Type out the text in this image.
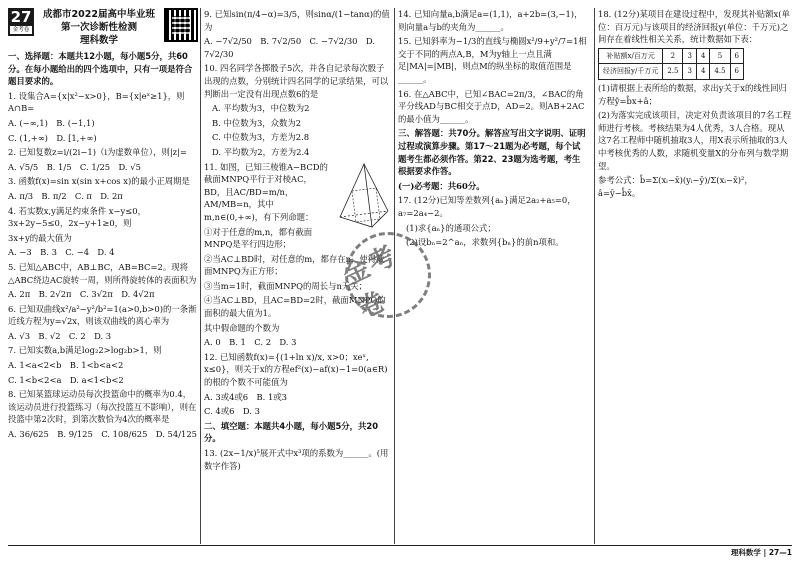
27
金考卷
成都市2022届高中毕业班
第一次诊断性检测
理科数学
一、选择题：本题共12小题，每小题5分，共60分。在每小题给出的四个选项中，只有一项是符合题目要求的。
1. 设集合A={x|x²−x>0}，B={x|eˣ≥1}，则A∩B=
A. (−∞,1)　B. (−1,1)
C. (1,+∞)　D. [1,+∞)
2. 已知复数z=i/(2i−1)（i为虚数单位），则|z|=
A. √5/5　B. 1/5　C. 1/25　D. √5
3. 函数f(x)=sin x(sin x+cos x)的最小正周期是
A. π/3　B. π/2　C. π　D. 2π
4. 若实数x,y满足约束条件 x−y≤0，3x+2y−5≤0，2x−y+1≥0，则
3x+y的最大值为
A. −3　B. 3　C. −4　D. 4
5. 已知△ABC中，AB⊥BC，AB=BC=2。现将△ABC绕边AC旋转一周，则所得旋转体的表面积为
A. 2π　B. 2√2π　C. 3√2π　D. 4√2π
6. 已知双曲线x²/a²−y²/b²=1(a>0,b>0)的一条渐近线方程为y=√2x，则该双曲线的离心率为
A. √3　B. √2　C. 2　D. 3
7. 已知实数a,b满足log₂2>log₂b>1，则
A. 1<a<2<b　B. 1<b<a<2
C. 1<b<2<a　D. a<1<b<2
8. 已知某篮球运动员每次投篮命中的概率为0.4，该运动员进行投篮练习（每次投篮互不影响），则在投篮中第2次时，到第次数恰为4次的概率是
A. 36/625　B. 9/125　C. 108/625　D. 54/125
9. 已知sin(π/4−α)=3/5，则sinα/(1−tanα)的值为
A. −7√2/50　B. 7√2/50　C. −7√2/30　D. 7√2/30
10. 四名同学各掷骰子5次，并各自记录每次骰子出现的点数，分别统计四名同学的记录结果，可以判断出一定没有出现点数6的是
A. 平均数为3，中位数为2
B. 中位数为3，众数为2
C. 中位数为3，方差为2.8
D. 平均数为2，方差为2.4
11. 如图，已知三棱锥A−BCD的截面MNPQ平行于对棱AC，BD，且AC/BD=m/n，AM/MB=n，其中m,n∈(0,+∞)，有下列命题：
①对于任意的m,n，都有截面MNPQ是平行四边形；
②当AC⊥BD时，对任意的m，都存在n，使得截面MNPQ为正方形；
③当m=1时，截面MNPQ的周长与n无关；
④当AC⊥BD，且AC=BD=2时，截面MNPQ的面积的最大值为1。
其中假命题的个数为
A. 0　B. 1　C. 2　D. 3
12. 已知函数f(x)={(1+ln x)/x, x>0；xeˣ, x≤0}，则关于x的方程ef²(x)−af(x)−1=0(a∈R)的根的个数不可能值为
A. 3或4或6　B. 1或3
C. 4或6　D. 3
二、填空题：本题共4小题，每小题5分，共20分。
13. (2x−1/x)⁵展开式中x³项的系数为______。(用数字作答)
14. 已知向量a,b满足a=(1,1)，a+2b=(3,−1)，则向量a与b的夹角为______。
15. 已知斜率为−1/3的直线与椭圆x²/9+y²/7=1相交于不同的两点A,B，M为y轴上一点且满足|MA|=|MB|，则点M的纵坐标的取值范围是______。
16. 在△ABC中，已知∠BAC=2π/3，∠BAC的角平分线AD与BC相交于点D，AD=2。则AB+2AC的最小值为______。
三、解答题：共70分。解答应写出文字说明、证明过程或演算步骤。第17～21题为必考题，每个试题考生都必须作答。第22、23题为选考题，考生根据要求作答。
(一)必考题：共60分。
17. (12分)已知等差数列{aₙ}满足2a₂+a₅=0，a₇=2a₄−2。
(1)求{aₙ}的通项公式；
(2)设bₙ=2^aₙ，求数列{bₙ}的前n项和。
18. (12分)某项目在建设过程中，发现其补贴额x(单位：百万元)与该项目的经济回报y(单位：千万元)之间存在着线性相关关系，统计数据如下表：
补贴额x/百万元	2	3	4	5	6
经济回报y/千万元	2.5	3	4	4.5	6
(1)请根据上表所给的数据，求出y关于x的线性回归方程ŷ=b̂x+â；
(2)为落实完成该项目，决定对负责该项目的7名工程师进行考核。考核结果为4人优秀，3人合格。现从这7名工程师中随机抽取3人，用X表示所抽取的3人中考核优秀的人数，求随机变量X的分布列与数学期望。
参考公式：b̂=Σ(xᵢ−x̄)(yᵢ−ȳ)/Σ(xᵢ−x̄)²，â=ȳ−b̂x̄。
金考卷
理科数学 | 27—1
